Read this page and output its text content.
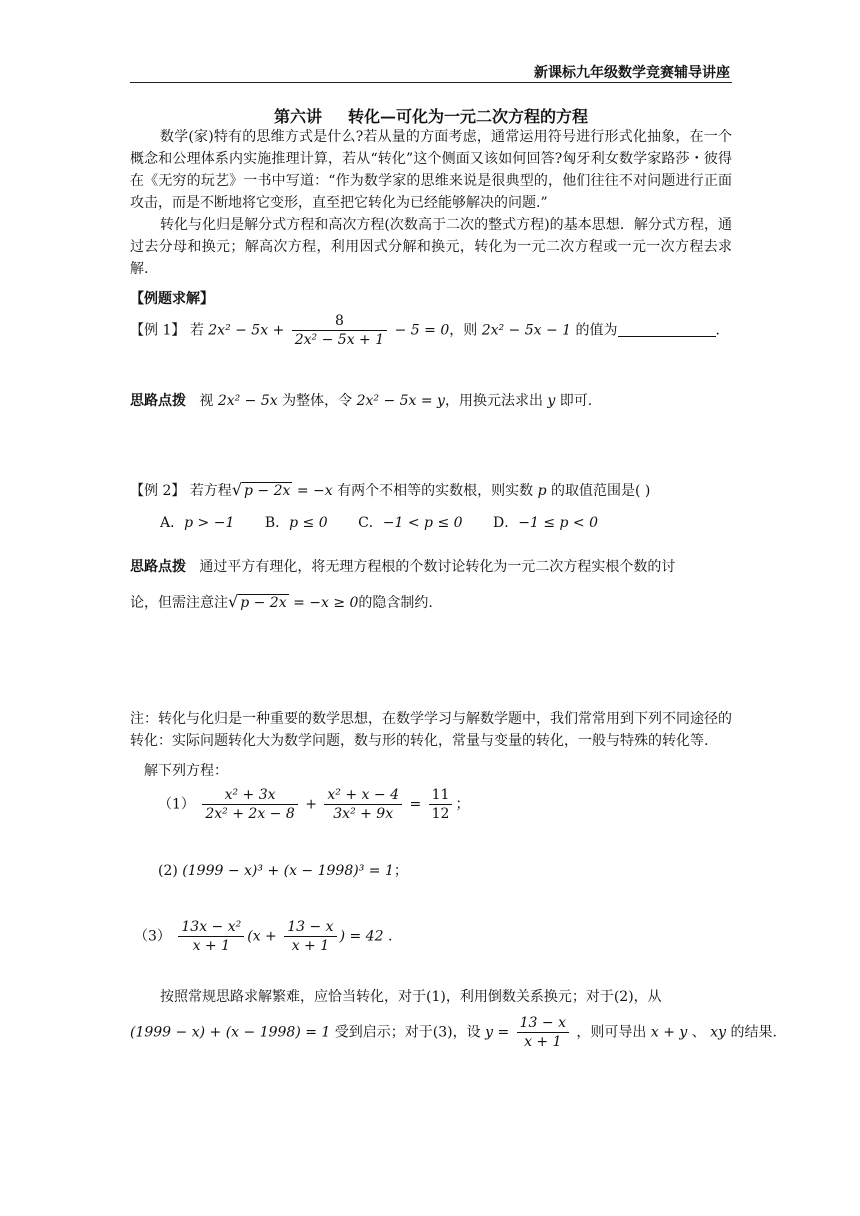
新课标九年级数学竞赛辅导讲座
第六讲 转化—可化为一元二次方程的方程
数学(家)特有的思维方式是什么?若从量的方面考虑，通常运用符号进行形式化抽象，在一个概念和公理体系内实施推理计算，若从“转化”这个侧面又该如何回答?匈牙利女数学家路莎・彼得在《无穷的玩艺》一书中写道：“作为数学家的思维来说是很典型的，他们往往不对问题进行正面攻击，而是不断地将它变形，直至把它转化为已经能够解决的问题.”
转化与化归是解分式方程和高次方程(次数高于二次的整式方程)的基本思想．解分式方程，通过去分母和换元；解高次方程，利用因式分解和换元，转化为一元二次方程或一元一次方程去求解.
【例题求解】
【例 1】 若 $2x^2 - 5x + \frac{8}{\text{2x² − 5x + 1}} - 5 = 0$，则 2x² − 5x − 1 的值为	.
思路点拨 视 2x² − 5x 为整体，令 2x² − 5x = y，用换元法求出 y 即可.
【例 2】 若方程√ p − 2x = −x 有两个不相等的实数根，则实数 p 的取值范围是( )
A．p > −1 B．p ≤ 0 C．−1 < p ≤ 0 D．−1 ≤ p < 0
思路点拨 通过平方有理化，将无理方程根的个数讨论转化为一元二次方程实根个数的讨
论，但需注意注√ p − 2x = −x ≥ 0的隐含制约.
注：转化与化归是一种重要的数学思想，在数学学习与解数学题中，我们常常用到下列不同途径的转化：实际问题转化大为数学问题，数与形的转化，常量与变量的转化，一般与特殊的转化等.
解下列方程：
$(1) \frac{\text{x² + 3x}}{\text{2x² + 2x − 8}} + \frac{\text{x² + x − 4}}{\text{3x² + 9x}} = \frac{11}{12}$ ；
(2) (1999 − x)³ + (x − 1998)³ = 1；
$(3) \frac{\text{13x − x²}}{x + 1} (x + \frac{13 - x}{x + 1}$ ) = 42 .
按照常规思路求解繁难，应恰当转化，对于(1)，利用倒数关系换元；对于(2)，从
(1999 − x) + (x − 1998) = 1 受到启示；对于(3)，设 $y = \frac{13 - x}{x + 1}$ ，则可导出 x + y 、 xy 的结果.
